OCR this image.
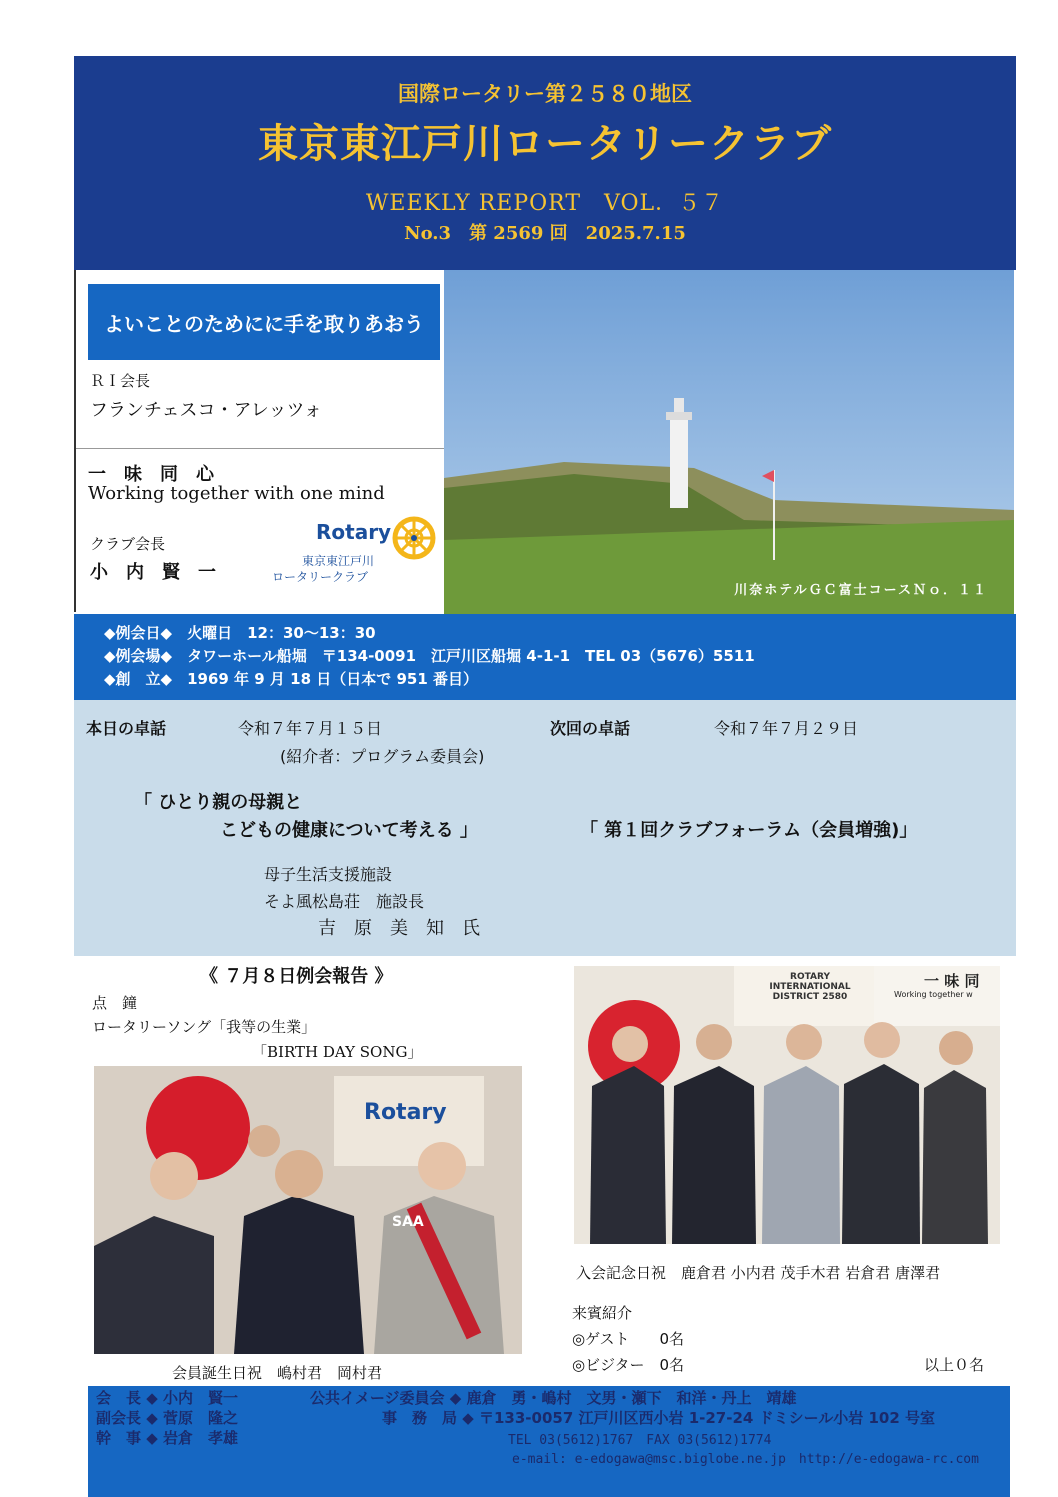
国際ロータリー第２５８０地区
東京東江戸川ロータリークラブ
WEEKLY REPORT　VOL．５７
No.3　第 2569 回　2025.7.15
よいことのためにに手を取りあおう
ＲＩ会長
フランチェスコ・アレッツォ
一　味　同　心
Working together with one mind
クラブ会長
小　内　賢　一
Rotary
東京東江戸川
ロータリークラブ
川奈ホテルＧＣ富士コースＮｏ．１１
◆例会日◆　火曜日　12：30～13：30
◆例会場◆　タワーホール船堀　〒134-0091　江戸川区船堀 4-1-1　TEL 03（5676）5511
◆創　立◆　1969 年 9 月 18 日（日本で 951 番目）
本日の卓話	令和７年７月１５日
(紹介者：プログラム委員会)
「 ひとり親の母親と
こどもの健康について考える 」
母子生活支援施設
そよ風松島荘　施設長
吉　原　美　知　氏
次回の卓話	令和７年７月２９日
「 第１回クラブフォーラム（会員増強)」
《 ７月８日例会報告 》
点　鐘
ロータリーソング「我等の生業」
「BIRTH DAY SONG」
Rotary
SAA
会員誕生日祝　嶋村君　岡村君
ROTARY INTERNATIONAL DISTRICT 2580
一 味 同
Working together w
入会記念日祝　鹿倉君 小内君 茂手木君 岩倉君 唐澤君
来賓紹介
◎ゲスト　　0名
◎ビジター　0名	以上０名
会　長 ◆ 小内　賢一	公共イメージ委員会 ◆ 鹿倉　勇・嶋村　文男・瀬下　和洋・丹上　靖雄
副会長 ◆ 菅原　隆之	事　務　局 ◆ 〒133-0057 江戸川区西小岩 1-27-24 ドミシール小岩 102 号室
幹　事 ◆ 岩倉　孝雄	TEL 03(5612)1767　FAX 03(5612)1774
e-mail: e-edogawa@msc.biglobe.ne.jp　http://e-edogawa-rc.com
